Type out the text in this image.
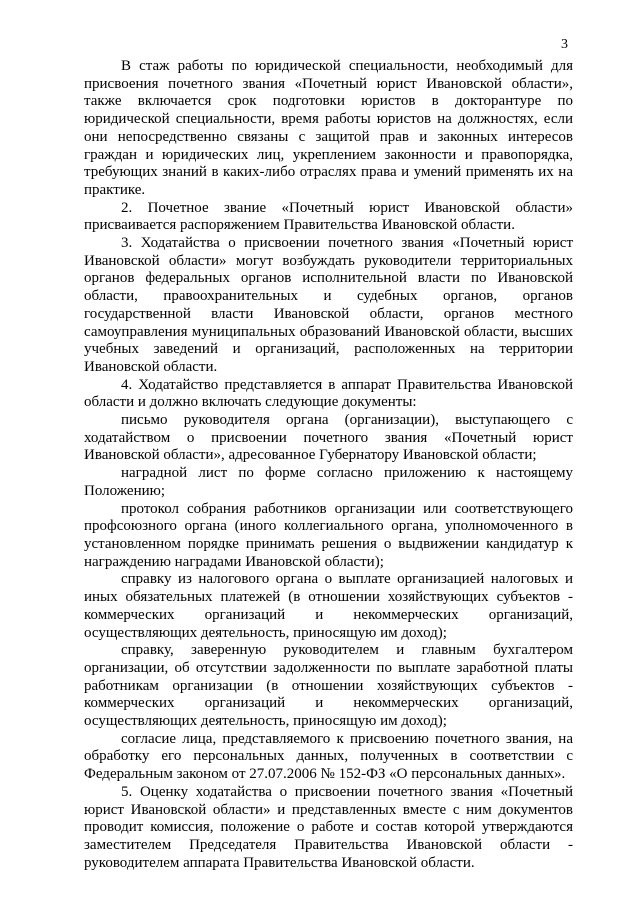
3

В стаж работы по юридической специальности, необходимый для присвоения почетного звания «Почетный юрист Ивановской области», также включается срок подготовки юристов в докторантуре по юридической специальности, время работы юристов на должностях, если они непосредственно связаны с защитой прав и законных интересов граждан и юридических лиц, укреплением законности и правопорядка, требующих знаний в каких-либо отраслях права и умений применять их на практике.

2. Почетное звание «Почетный юрист Ивановской области» присваивается распоряжением Правительства Ивановской области.

3. Ходатайства о присвоении почетного звания «Почетный юрист Ивановской области» могут возбуждать руководители территориальных органов федеральных органов исполнительной власти по Ивановской области, правоохранительных и судебных органов, органов государственной власти Ивановской области, органов местного самоуправления муниципальных образований Ивановской области, высших учебных заведений и организаций, расположенных на территории Ивановской области.

4. Ходатайство представляется в аппарат Правительства Ивановской области и должно включать следующие документы:

письмо руководителя органа (организации), выступающего с ходатайством о присвоении почетного звания «Почетный юрист Ивановской области», адресованное Губернатору Ивановской области;

наградной лист по форме согласно приложению к настоящему Положению;

протокол собрания работников организации или соответствующего профсоюзного органа (иного коллегиального органа, уполномоченного в установленном порядке принимать решения о выдвижении кандидатур к награждению наградами Ивановской области);

справку из налогового органа о выплате организацией налоговых и иных обязательных платежей (в отношении хозяйствующих субъектов - коммерческих организаций и некоммерческих организаций, осуществляющих деятельность, приносящую им доход);

справку, заверенную руководителем и главным бухгалтером организации, об отсутствии задолженности по выплате заработной платы работникам организации (в отношении хозяйствующих субъектов - коммерческих организаций и некоммерческих организаций, осуществляющих деятельность, приносящую им доход);

согласие лица, представляемого к присвоению почетного звания, на обработку его персональных данных, полученных в соответствии с Федеральным законом от 27.07.2006 № 152-ФЗ «О персональных данных».

5. Оценку ходатайства о присвоении почетного звания «Почетный юрист Ивановской области» и представленных вместе с ним документов проводит комиссия, положение о работе и состав которой утверждаются заместителем Председателя Правительства Ивановской области - руководителем аппарата Правительства Ивановской области.
